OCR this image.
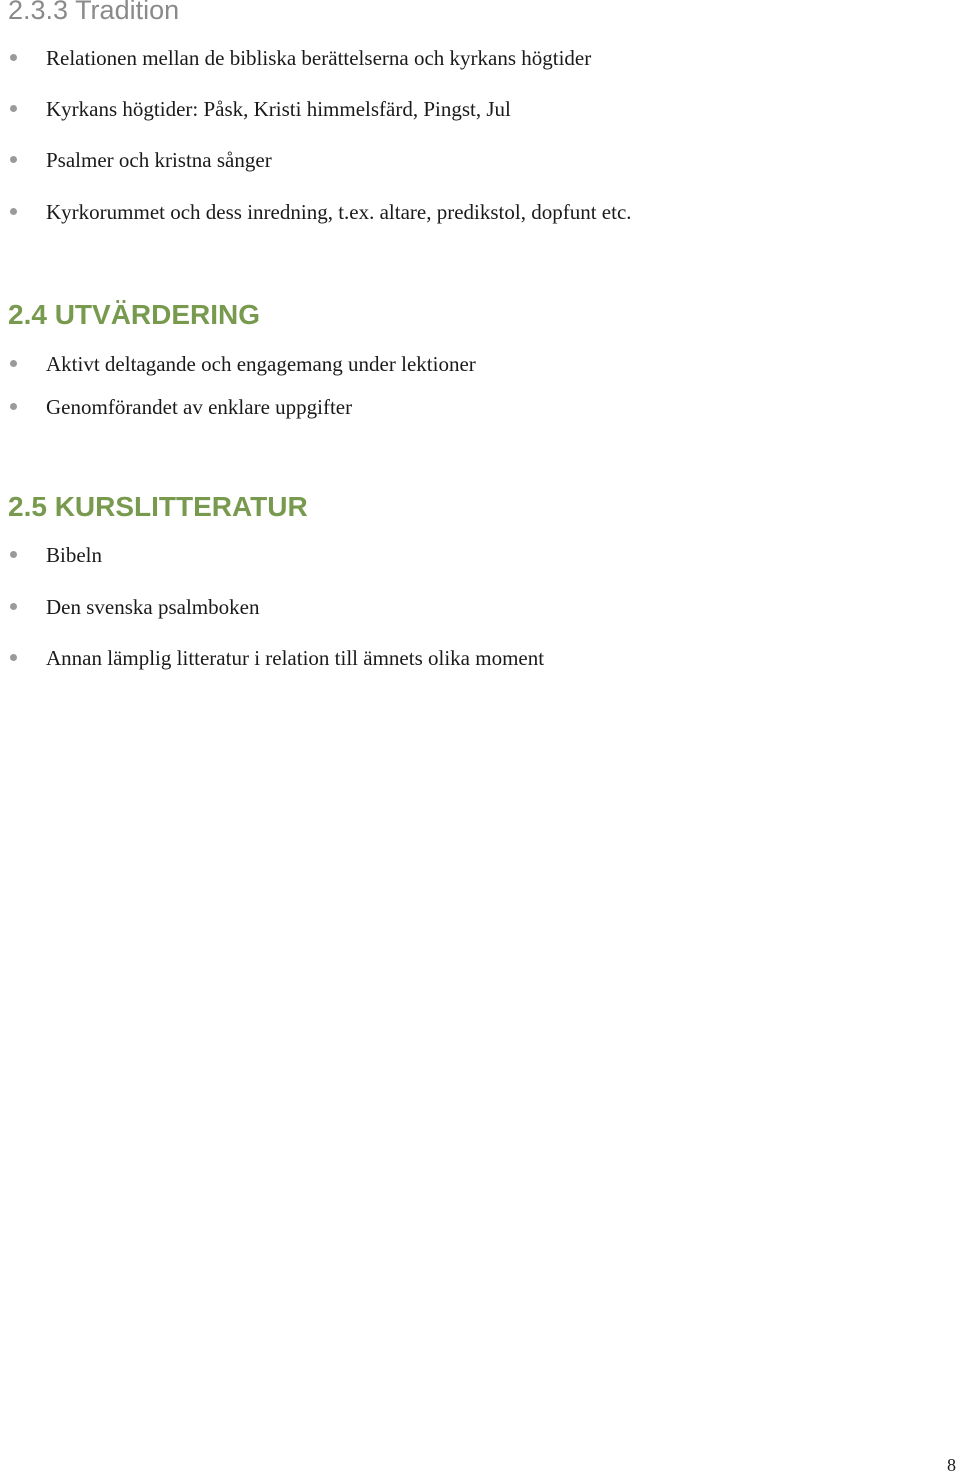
2.3.3 Tradition
Relationen mellan de bibliska berättelserna och kyrkans högtider
Kyrkans högtider: Påsk, Kristi himmelsfärd, Pingst, Jul
Psalmer och kristna sånger
Kyrkorummet och dess inredning, t.ex. altare, predikstol, dopfunt etc.
2.4 UTVÄRDERING
Aktivt deltagande och engagemang under lektioner
Genomförandet av enklare uppgifter
2.5 KURSLITTERATUR
Bibeln
Den svenska psalmboken
Annan lämplig litteratur i relation till ämnets olika moment
8
